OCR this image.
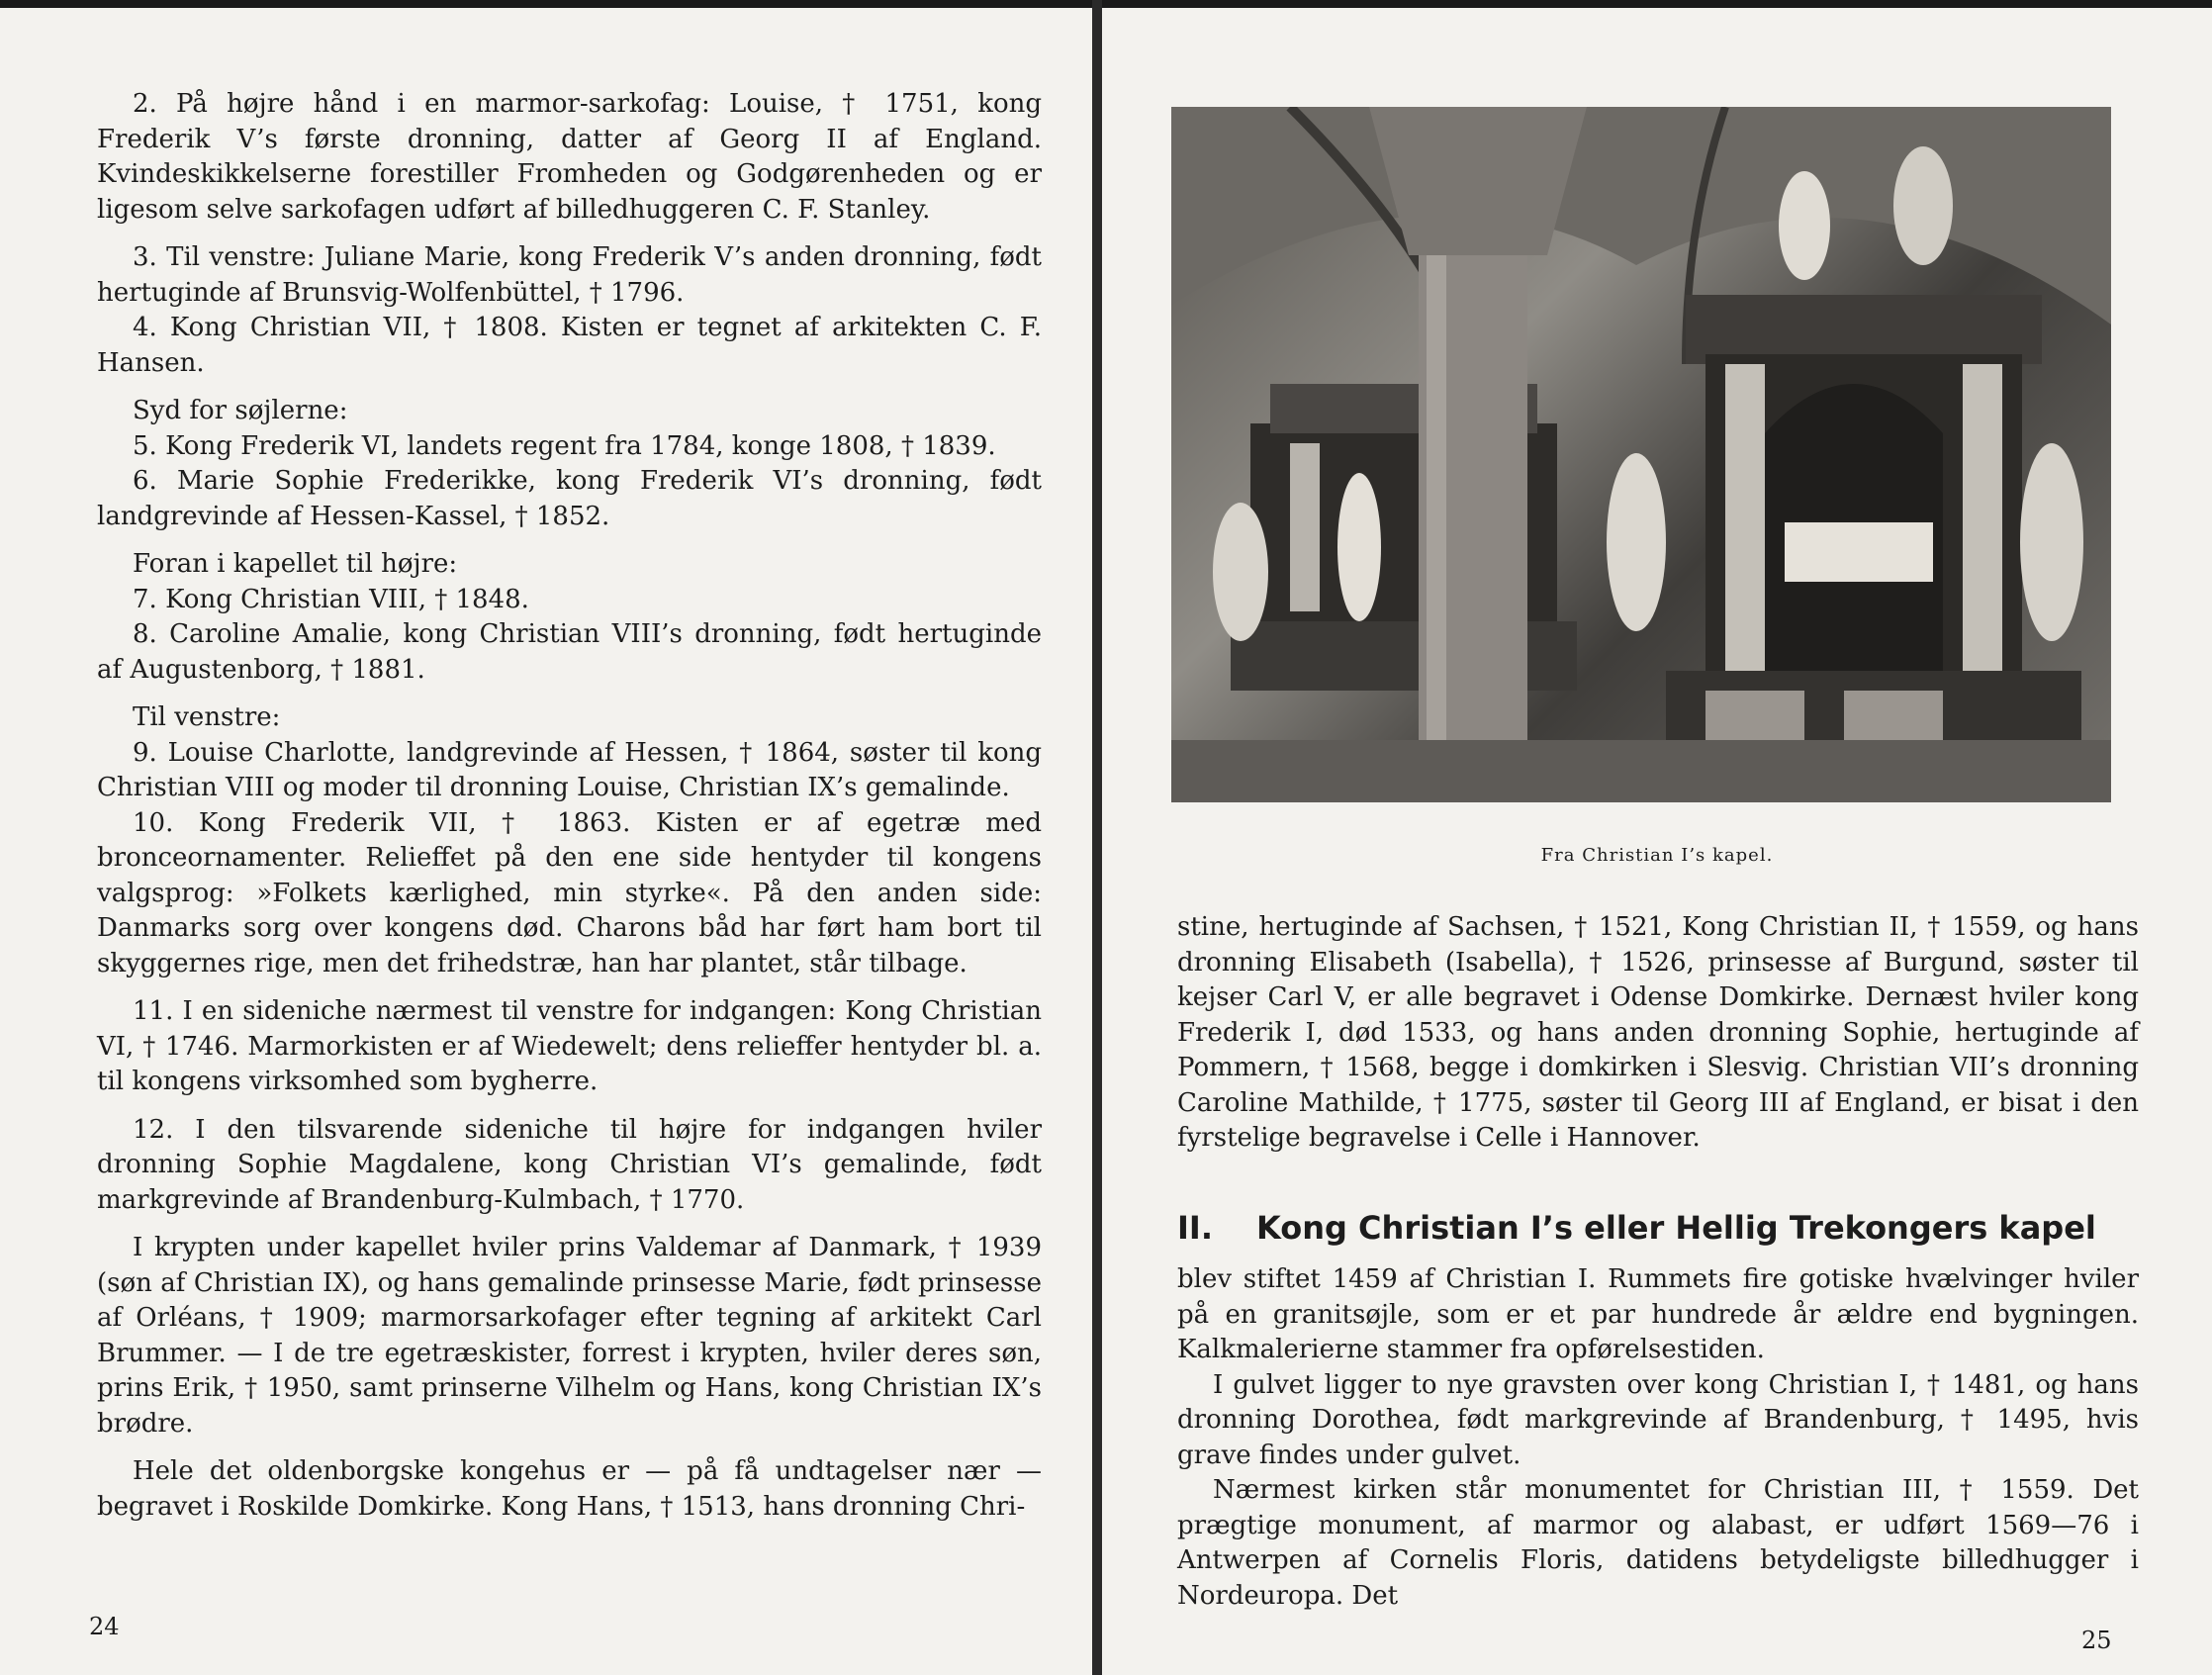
2. På højre hånd i en marmor-sarkofag: Louise, † 1751, kong Frederik V’s første dronning, datter af Georg II af England. Kvindeskikkelserne forestiller Fromheden og Godgørenheden og er ligesom selve sarkofagen udført af billedhuggeren C. F. Stanley.

3. Til venstre: Juliane Marie, kong Frederik V’s anden dronning, født hertuginde af Brunsvig-Wolfenbüttel, † 1796.

4. Kong Christian VII, † 1808. Kisten er tegnet af arkitekten C. F. Hansen.

Syd for søjlerne:

5. Kong Frederik VI, landets regent fra 1784, konge 1808, † 1839.

6. Marie Sophie Frederikke, kong Frederik VI’s dronning, født landgrevinde af Hessen-Kassel, † 1852.

Foran i kapellet til højre:

7. Kong Christian VIII, † 1848.

8. Caroline Amalie, kong Christian VIII’s dronning, født hertuginde af Augustenborg, † 1881.

Til venstre:

9. Louise Charlotte, landgrevinde af Hessen, † 1864, søster til kong Christian VIII og moder til dronning Louise, Christian IX’s gemalinde.

10. Kong Frederik VII, † 1863. Kisten er af egetræ med bronceornamenter. Relieffet på den ene side hentyder til kongens valgsprog: »Folkets kærlighed, min styrke«. På den anden side: Danmarks sorg over kongens død. Charons båd har ført ham bort til skyggernes rige, men det frihedstræ, han har plantet, står tilbage.

11. I en sideniche nærmest til venstre for indgangen: Kong Christian VI, † 1746. Marmorkisten er af Wiedewelt; dens relieffer hentyder bl. a. til kongens virksomhed som bygherre.

12. I den tilsvarende sideniche til højre for indgangen hviler dronning Sophie Magdalene, kong Christian VI’s gemalinde, født markgrevinde af Brandenburg-Kulmbach, † 1770.

I krypten under kapellet hviler prins Valdemar af Danmark, † 1939 (søn af Christian IX), og hans gemalinde prinsesse Marie, født prinsesse af Orléans, † 1909; marmorsarkofager efter tegning af arkitekt Carl Brummer. — I de tre egetræskister, forrest i krypten, hviler deres søn, prins Erik, † 1950, samt prinserne Vilhelm og Hans, kong Christian IX’s brødre.

Hele det oldenborgske kongehus er — på få undtagelser nær — begravet i Roskilde Domkirke. Kong Hans, † 1513, hans dronning Chri-

24
Fra Christian I’s kapel.

stine, hertuginde af Sachsen, † 1521, Kong Christian II, † 1559, og hans dronning Elisabeth (Isabella), † 1526, prinsesse af Burgund, søster til kejser Carl V, er alle begravet i Odense Domkirke. Dernæst hviler kong Frederik I, død 1533, og hans anden dronning Sophie, hertuginde af Pommern, † 1568, begge i domkirken i Slesvig. Christian VII’s dronning Caroline Mathilde, † 1775, søster til Georg III af England, er bisat i den fyrstelige begravelse i Celle i Hannover.

II. Kong Christian I’s eller Hellig Trekongers kapel

blev stiftet 1459 af Christian I. Rummets fire gotiske hvælvinger hviler på en granitsøjle, som er et par hundrede år ældre end bygningen. Kalkmalerierne stammer fra opførelsestiden.

I gulvet ligger to nye gravsten over kong Christian I, † 1481, og hans dronning Dorothea, født markgrevinde af Brandenburg, † 1495, hvis grave findes under gulvet.

Nærmest kirken står monumentet for Christian III, † 1559. Det prægtige monument, af marmor og alabast, er udført 1569—76 i Antwerpen af Cornelis Floris, datidens betydeligste billedhugger i Nordeuropa. Det

25
